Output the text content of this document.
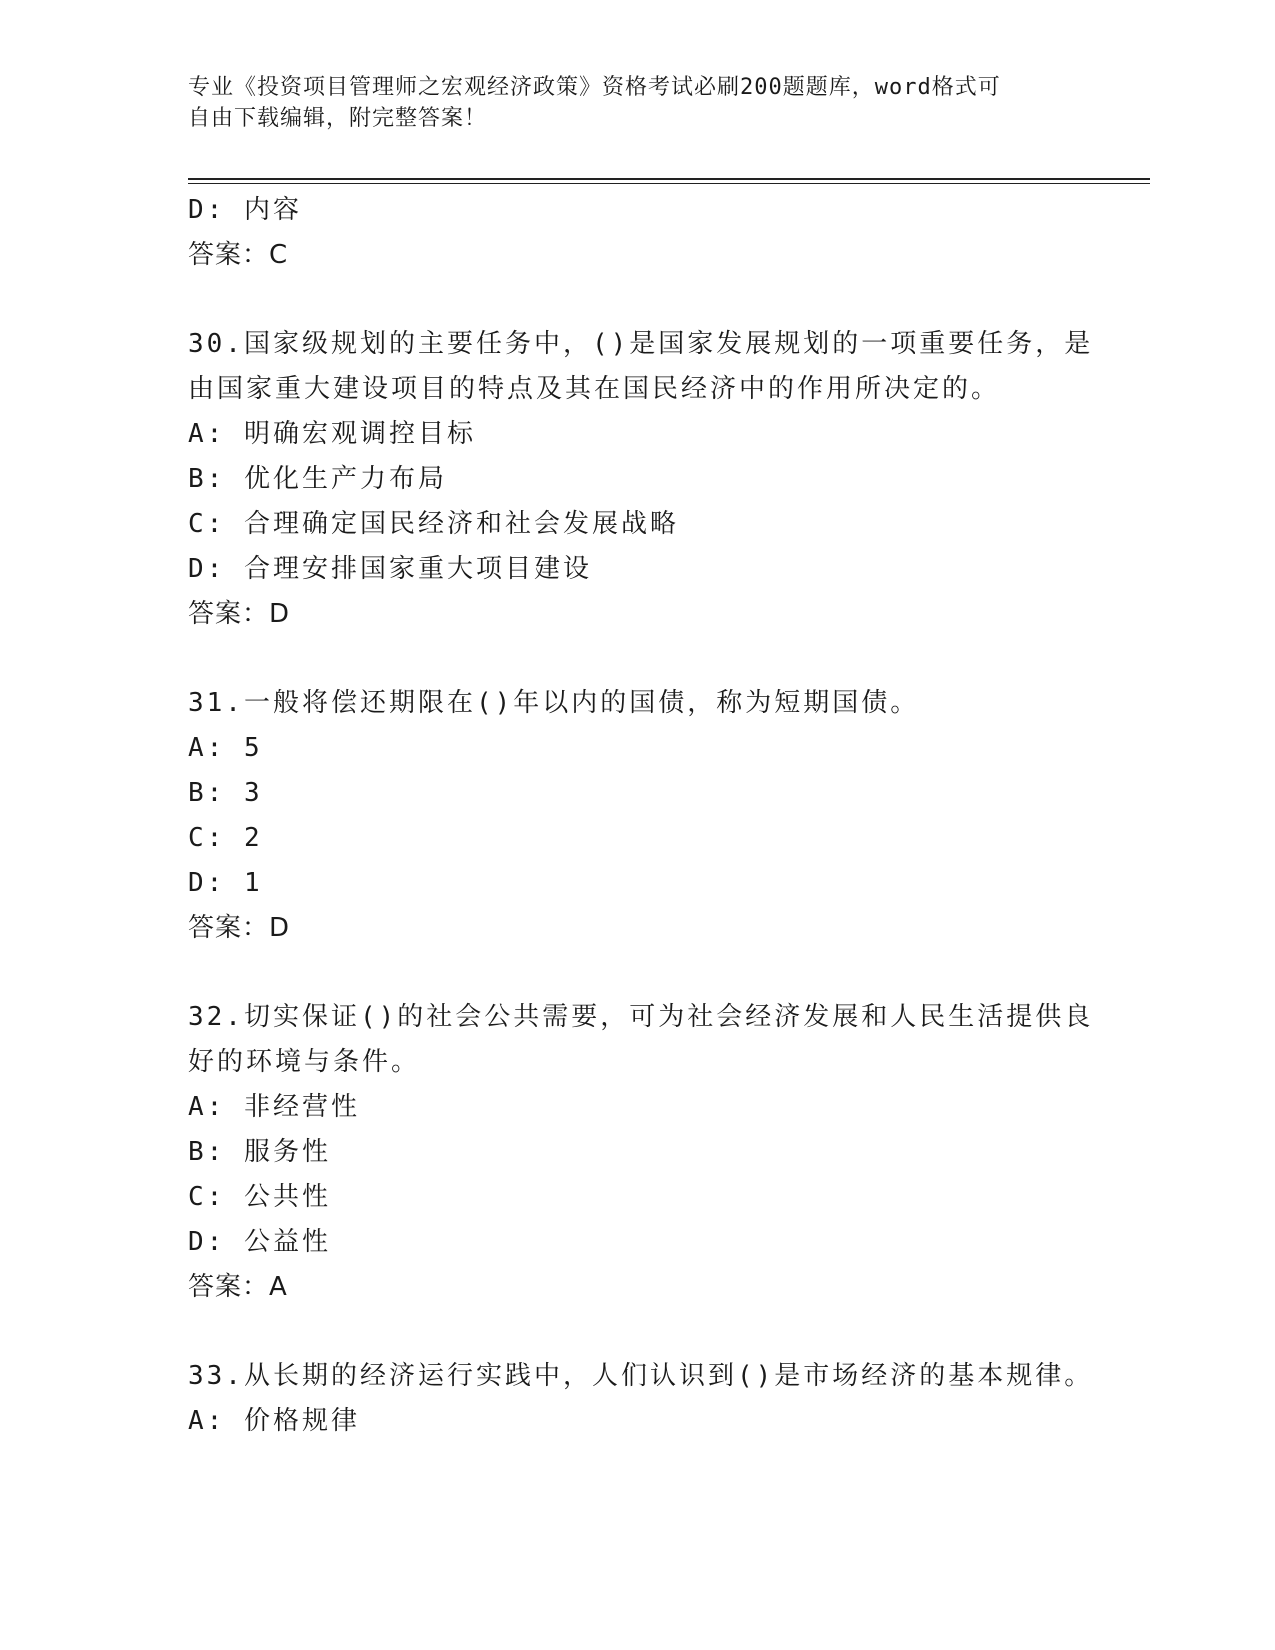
专业《投资项目管理师之宏观经济政策》资格考试必刷200题题库，word格式可
自由下载编辑，附完整答案！
D: 内容
答案：C
30.国家级规划的主要任务中，()是国家发展规划的一项重要任务，是
由国家重大建设项目的特点及其在国民经济中的作用所决定的。
A: 明确宏观调控目标
B: 优化生产力布局
C: 合理确定国民经济和社会发展战略
D: 合理安排国家重大项目建设
答案：D
31.一般将偿还期限在()年以内的国债，称为短期国债。
A: 5
B: 3
C: 2
D: 1
答案：D
32.切实保证()的社会公共需要，可为社会经济发展和人民生活提供良
好的环境与条件。
A: 非经营性
B: 服务性
C: 公共性
D: 公益性
答案：A
33.从长期的经济运行实践中，人们认识到()是市场经济的基本规律。
A: 价格规律
